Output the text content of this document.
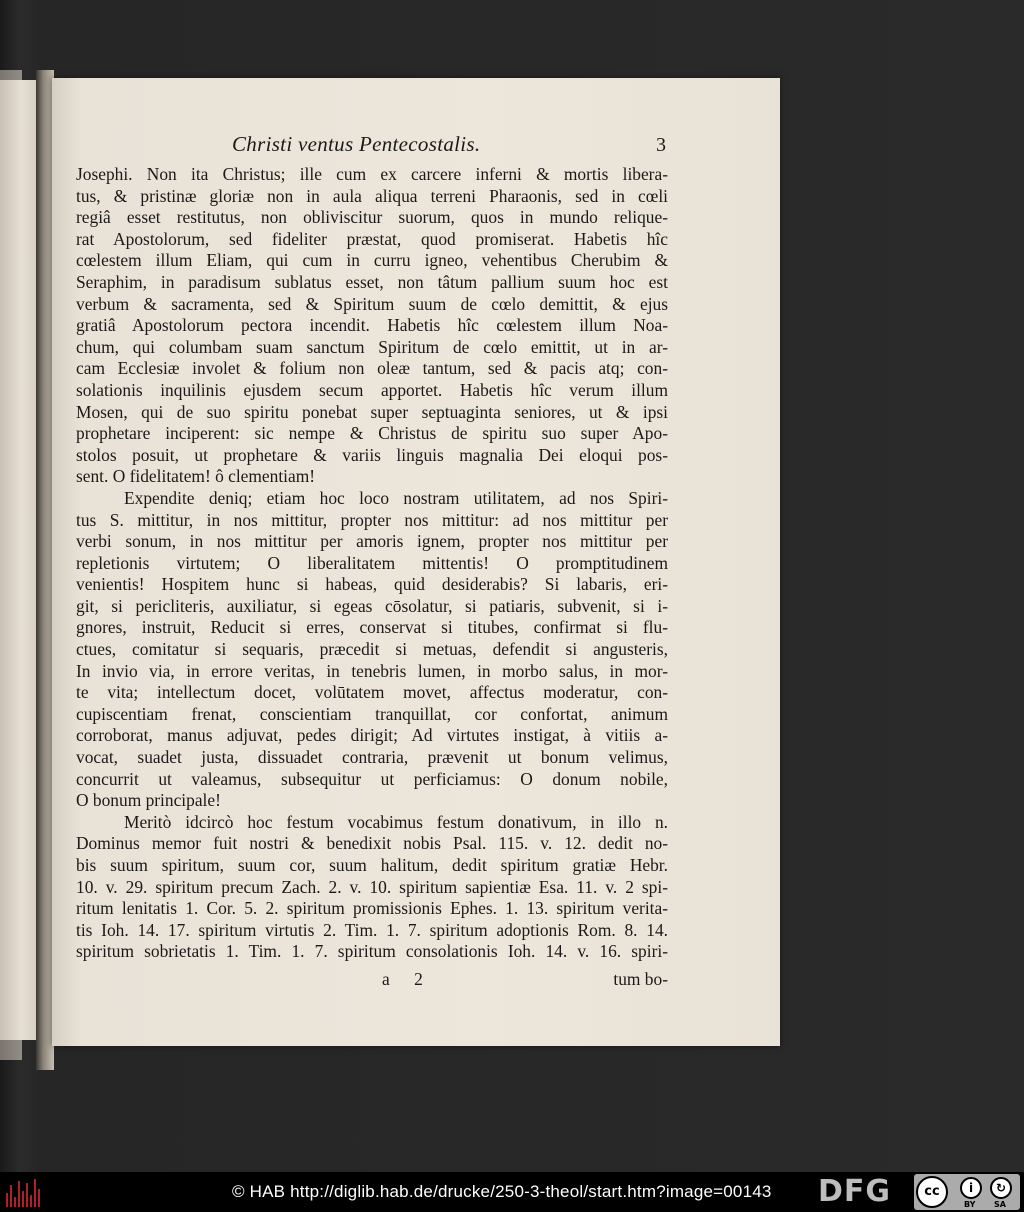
Christi ventus Pentecostalis.	3
Josephi. Non ita Christus; ille cum ex carcere inferni & mortis libera-
tus, & pristinæ gloriæ non in aula aliqua terreni Pharaonis, sed in cœli
regiâ esset restitutus, non obliviscitur suorum, quos in mundo relique-
rat Apostolorum, sed fideliter præstat, quod promiserat. Habetis hîc
cœlestem illum Eliam, qui cum in curru igneo, vehentibus Cherubim &
Seraphim, in paradisum sublatus esset, non tâtum pallium suum hoc est
verbum & sacramenta, sed & Spiritum suum de cœlo demittit, & ejus
gratiâ Apostolorum pectora incendit. Habetis hîc cœlestem illum Noa-
chum, qui columbam suam sanctum Spiritum de cœlo emittit, ut in ar-
cam Ecclesiæ involet & folium non oleæ tantum, sed & pacis atq; con-
solationis inquilinis ejusdem secum apportet. Habetis hîc verum illum
Mosen, qui de suo spiritu ponebat super septuaginta seniores, ut & ipsi
prophetare inciperent: sic nempe & Christus de spiritu suo super Apo-
stolos posuit, ut prophetare & variis linguis magnalia Dei eloqui pos-
sent. O fidelitatem! ô clementiam!
Expendite deniq; etiam hoc loco nostram utilitatem, ad nos Spiri-
tus S. mittitur, in nos mittitur, propter nos mittitur: ad nos mittitur per
verbi sonum, in nos mittitur per amoris ignem, propter nos mittitur per
repletionis virtutem; O liberalitatem mittentis! O promptitudinem
venientis! Hospitem hunc si habeas, quid desiderabis? Si labaris, eri-
git, si pericliteris, auxiliatur, si egeas cōsolatur, si patiaris, subvenit, si i-
gnores, instruit, Reducit si erres, conservat si titubes, confirmat si flu-
ctues, comitatur si sequaris, præcedit si metuas, defendit si angusteris,
In invio via, in errore veritas, in tenebris lumen, in morbo salus, in mor-
te vita; intellectum docet, volūtatem movet, affectus moderatur, con-
cupiscentiam frenat, conscientiam tranquillat, cor confortat, animum
corroborat, manus adjuvat, pedes dirigit; Ad virtutes instigat, à vitiis a-
vocat, suadet justa, dissuadet contraria, prævenit ut bonum velimus,
concurrit ut valeamus, subsequitur ut perficiamus: O donum nobile,
O bonum principale!
Meritò idcircò hoc festum vocabimus festum donativum, in illo n.
Dominus memor fuit nostri & benedixit nobis Psal. 115. v. 12. dedit no-
bis suum spiritum, suum cor, suum halitum, dedit spiritum gratiæ Hebr.
10. v. 29. spiritum precum Zach. 2. v. 10. spiritum sapientiæ Esa. 11. v. 2 spi-
ritum lenitatis 1. Cor. 5. 2. spiritum promissionis Ephes. 1. 13. spiritum verita-
tis Ioh. 14. 17. spiritum virtutis 2. Tim. 1. 7. spiritum adoptionis Rom. 8. 14.
spiritum sobrietatis 1. Tim. 1. 7. spiritum consolationis Ioh. 14. v. 16. spiri-
a 2	tum bo-
© HAB http://diglib.hab.de/drucke/250-3-theol/start.htm?image=00143 DFG	cc	i	↻
BY SA
